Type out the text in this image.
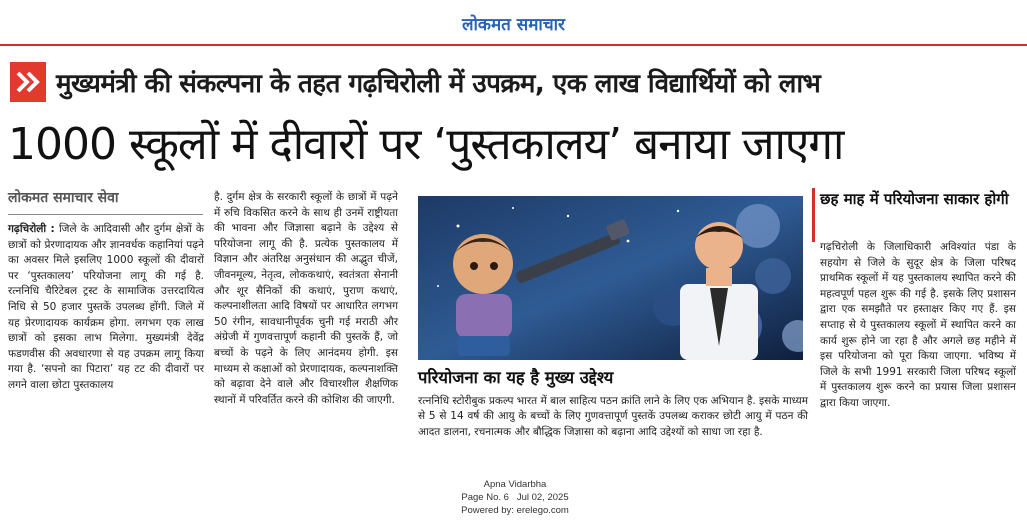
लोकमत समाचार
मुख्यमंत्री की संकल्पना के तहत गढ़चिरोली में उपक्रम, एक लाख विद्यार्थियों को लाभ
1000 स्कूलों में दीवारों पर ‘पुस्तकालय’ बनाया जाएगा
लोकमत समाचार सेवा
गढ़चिरोली : जिले के आदिवासी और दुर्गम क्षेत्रों के छात्रों को प्रेरणादायक और ज्ञानवर्धक कहानियां पढ़ने का अवसर मिले इसलिए 1000 स्कूलों की दीवारों पर ‘पुस्तकालय’ परियोजना लागू की गई है. रत्ननिधि चैरिटेबल ट्रस्ट के सामाजिक उत्तरदायित्व निधि से 50 हजार पुस्तकें उपलब्ध होंगी. जिले में यह प्रेरणादायक कार्यक्रम होगा. लगभग एक लाख छात्रों को इसका लाभ मिलेगा. मुख्यमंत्री देवेंद्र फडणवीस की अवधारणा से यह उपक्रम लागू किया गया है. ‘सपनो का पिटारा’ यह टट की दीवारों पर लगने वाला छोटा पुस्तकालय
है. दुर्गम क्षेत्र के सरकारी स्कूलों के छात्रों में पढ़ने में रुचि विकसित करने के साथ ही उनमें राष्ट्रीयता की भावना और जिज्ञासा बढ़ाने के उद्देश्य से परियोजना लागू की है. प्रत्येक पुस्तकालय में विज्ञान और अंतरिक्ष अनुसंधान की अद्भुत चीजें, जीवनमूल्य, नेतृत्व, लोककथाएं, स्वतंत्रता सेनानी और शूर सैनिकों की कथाएं, पुराण कथाएं, कल्पनाशीलता आदि विषयों पर आधारित लगभग 50 रंगीन, सावधानीपूर्वक चुनी गई मराठी और अंग्रेजी में गुणवत्तापूर्ण कहानी की पुस्तकें हैं, जो बच्चों के पढ़ने के लिए आनंदमय होगी. इस माध्यम से कक्षाओं को प्रेरणादायक, कल्पनाशक्ति को बढ़ावा देने वाले और विचारशील शैक्षणिक स्थानों में परिवर्तित करने की कोशिश की जाएगी.
परियोजना का यह है मुख्य उद्देश्य
रत्ननिधि स्टोरीबुक प्रकल्प भारत में बाल साहित्य पठन क्रांति लाने के लिए एक अभियान है. इसके माध्यम से 5 से 14 वर्ष की आयु के बच्चों के लिए गुणवत्तापूर्ण पुस्तकें उपलब्ध कराकर छोटी आयु में पठन की आदत डालना, रचनात्मक और बौद्धिक जिज्ञासा को बढ़ाना आदि उद्देश्यों को साधा जा रहा है.
छह माह में परियोजना साकार होगी
गढ़चिरोली के जिलाधिकारी अविश्यांत पंडा के सहयोग से जिले के सुदूर क्षेत्र के जिला परिषद प्राथमिक स्कूलों में यह पुस्तकालय स्थापित करने की महत्वपूर्ण पहल शुरू की गई है. इसके लिए प्रशासन द्वारा एक समझौते पर हस्ताक्षर किए गए हैं. इस सप्ताह से ये पुस्तकालय स्कूलों में स्थापित करने का कार्य शुरू होने जा रहा है और अगले छह महीने में इस परियोजना को पूरा किया जाएगा. भविष्य में जिले के सभी 1991 सरकारी जिला परिषद स्कूलों में पुस्तकालय शुरू करने का प्रयास जिला प्रशासन द्वारा किया जाएगा.
Apna Vidarbha
Page No. 6   Jul 02, 2025
Powered by: erelego.com
